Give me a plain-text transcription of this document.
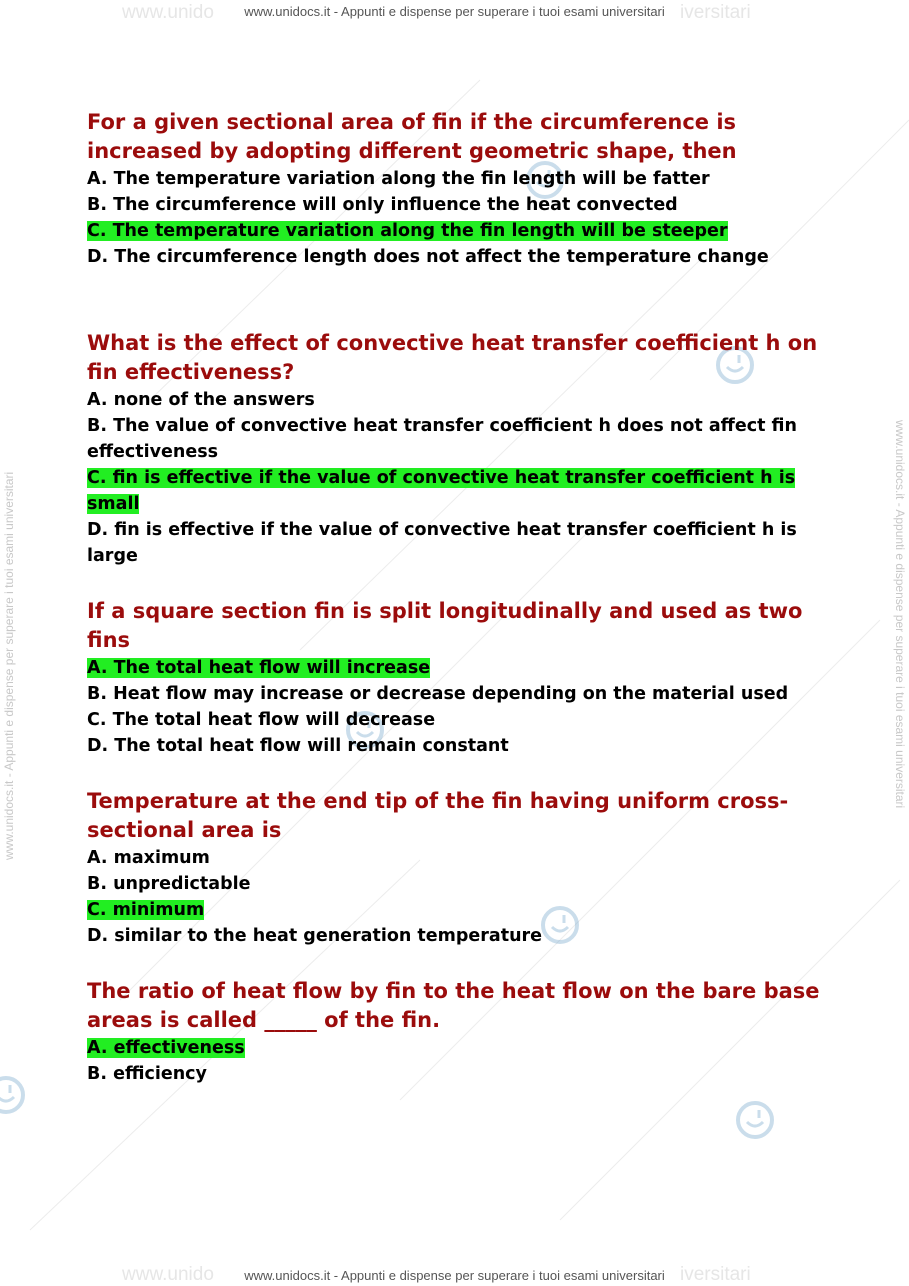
www.unido	iversitari
www.unidocs.it - Appunti e dispense per superare i tuoi esami universitari
www.unido	iversitari
www.unidocs.it - Appunti e dispense per superare i tuoi esami universitari
www.unidocs.it - Appunti e dispense per superare i tuoi esami universitari	www.unidocs.it - Appunti e dispense per superare i tuoi esami universitari

For a given sectional area of fin if the circumference is increased by adopting different geometric shape, then

A. The temperature variation along the fin length will be fatter
B. The circumference will only influence the heat convected
C. The temperature variation along the fin length will be steeper
D. The circumference length does not affect the temperature change

What is the effect of convective heat transfer coefficient h on fin effectiveness?

A. none of the answers
B. The value of convective heat transfer coefficient h does not affect fin effectiveness
C. fin is effective if the value of convective heat transfer coefficient h is small
D. fin is effective if the value of convective heat transfer coefficient h is large

If a square section fin is split longitudinally and used as two fins

A. The total heat flow will increase
B. Heat flow may increase or decrease depending on the material used
C. The total heat flow will decrease
D. The total heat flow will remain constant

Temperature at the end tip of the fin having uniform cross-sectional area is

A. maximum
B. unpredictable
C. minimum
D. similar to the heat generation temperature

The ratio of heat flow by fin to the heat flow on the bare base areas is called _____ of the fin.

A. effectiveness
B. efficiency
